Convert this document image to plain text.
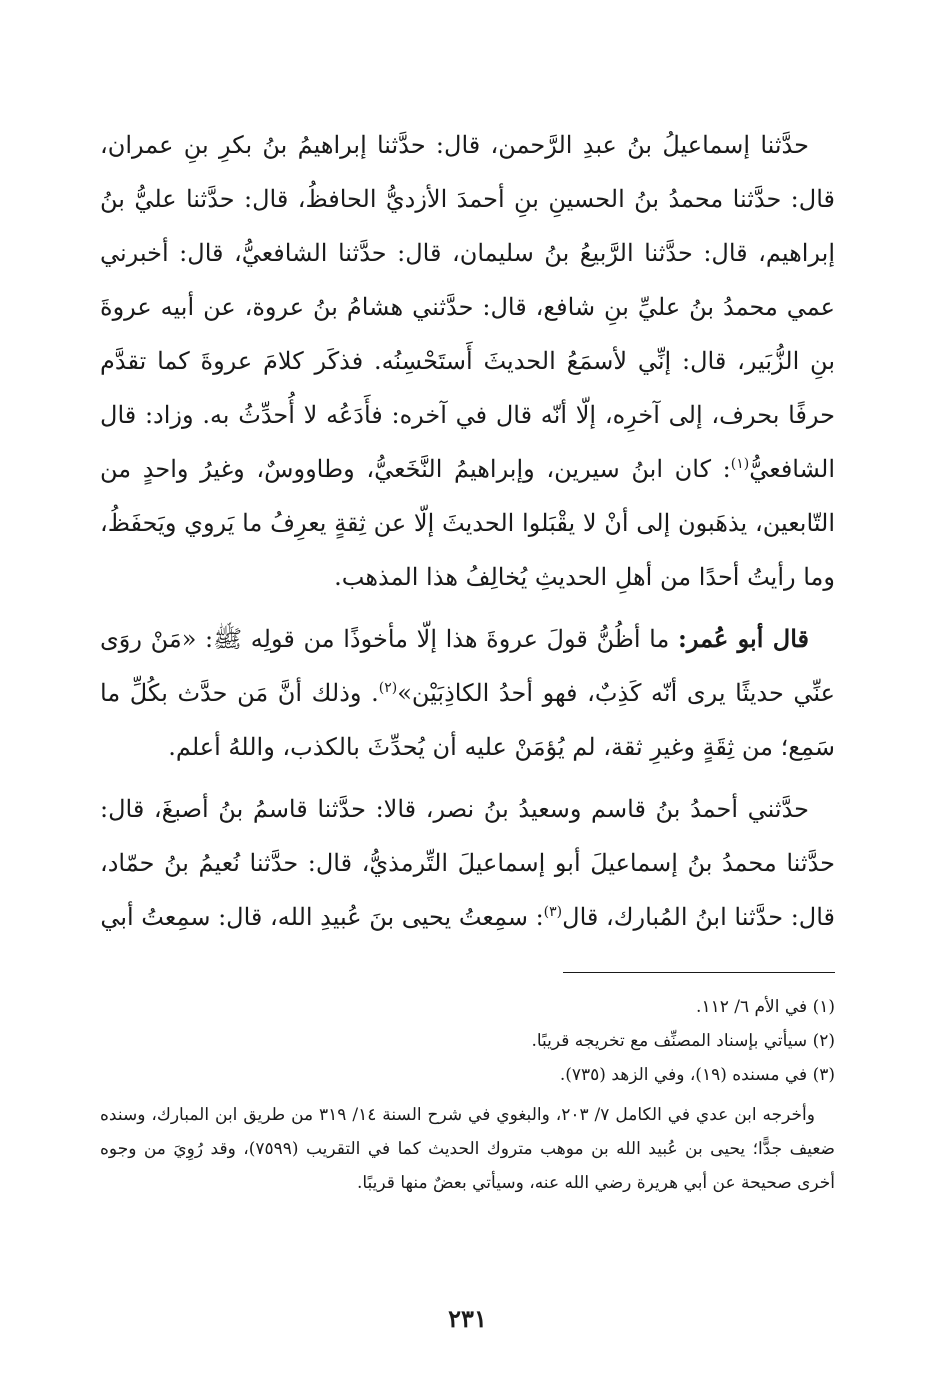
حدَّثنا إسماعيلُ بنُ عبدِ الرَّحمن، قال: حدَّثنا إبراهيمُ بنُ بكرِ بنِ عمران، قال: حدَّثنا محمدُ بنُ الحسينِ بنِ أحمدَ الأزديُّ الحافظُ، قال: حدَّثنا عليُّ بنُ إبراهيم، قال: حدَّثنا الرَّبيعُ بنُ سليمان، قال: حدَّثنا الشافعيُّ، قال: أخبرني عمي محمدُ بنُ عليِّ بنِ شافع، قال: حدَّثني هشامُ بنُ عروة، عن أبيه عروةَ بنِ الزُّبَير، قال: إنِّي لأسمَعُ الحديثَ أَستَحْسِنُه. فذكَر كلامَ عروةَ كما تقدَّم حرفًا بحرف، إلى آخرِه، إلّا أنّه قال في آخره: فأَدَعُه لا أُحدِّثُ به. وزاد: قال الشافعيُّ$^{(١)}$: كان ابنُ سيرين، وإبراهيمُ النَّخَعيُّ، وطاووسٌ، وغيرُ واحدٍ من التّابعين، يذهَبون إلى أنْ لا يقْبَلوا الحديثَ إلّا عن ثِقةٍ يعرِفُ ما يَروي ويَحفَظُ، وما رأيتُ أحدًا من أهلِ الحديثِ يُخالِفُ هذا المذهب.

قال أبو عُمر: ما أظُنُّ قولَ عروةَ هذا إلّا مأخوذًا من قولِه ﷺ: «مَنْ روَى عنِّي حديثًا يرى أنّه كَذِبٌ، فهو أحدُ الكاذِبَيْن»$^{(٢)}$. وذلك أنَّ مَن حدَّث بكُلِّ ما سَمِع؛ من ثِقَةٍ وغيرِ ثقة، لم يُؤمَنْ عليه أن يُحدِّثَ بالكذب، واللهُ أعلم.

حدَّثني أحمدُ بنُ قاسم وسعيدُ بنُ نصر، قالا: حدَّثنا قاسمُ بنُ أصبغَ، قال: حدَّثنا محمدُ بنُ إسماعيلَ أبو إسماعيلَ التِّرمذيُّ، قال: حدَّثنا نُعيمُ بنُ حمّاد، قال: حدَّثنا ابنُ المُبارك، قال$^{(٣)}$: سمِعتُ يحيى بنَ عُبيدِ الله، قال: سمِعتُ أبي

(١) في الأم ٦/ ١١٢.

(٢) سيأتي بإسناد المصنِّف مع تخريجه قريبًا.

(٣) في مسنده (١٩)، وفي الزهد (٧٣٥).

وأخرجه ابن عدي في الكامل ٧/ ٢٠٣، والبغوي في شرح السنة ١٤/ ٣١٩ من طريق ابن المبارك، وسنده ضعيف جدًّا؛ يحيى بن عُبيد الله بن موهب متروك الحديث كما في التقريب (٧٥٩٩)، وقد رُوِيَ من وجوه أخرى صحيحة عن أبي هريرة رضي الله عنه، وسيأتي بعضٌ منها قريبًا.

٢٣١
